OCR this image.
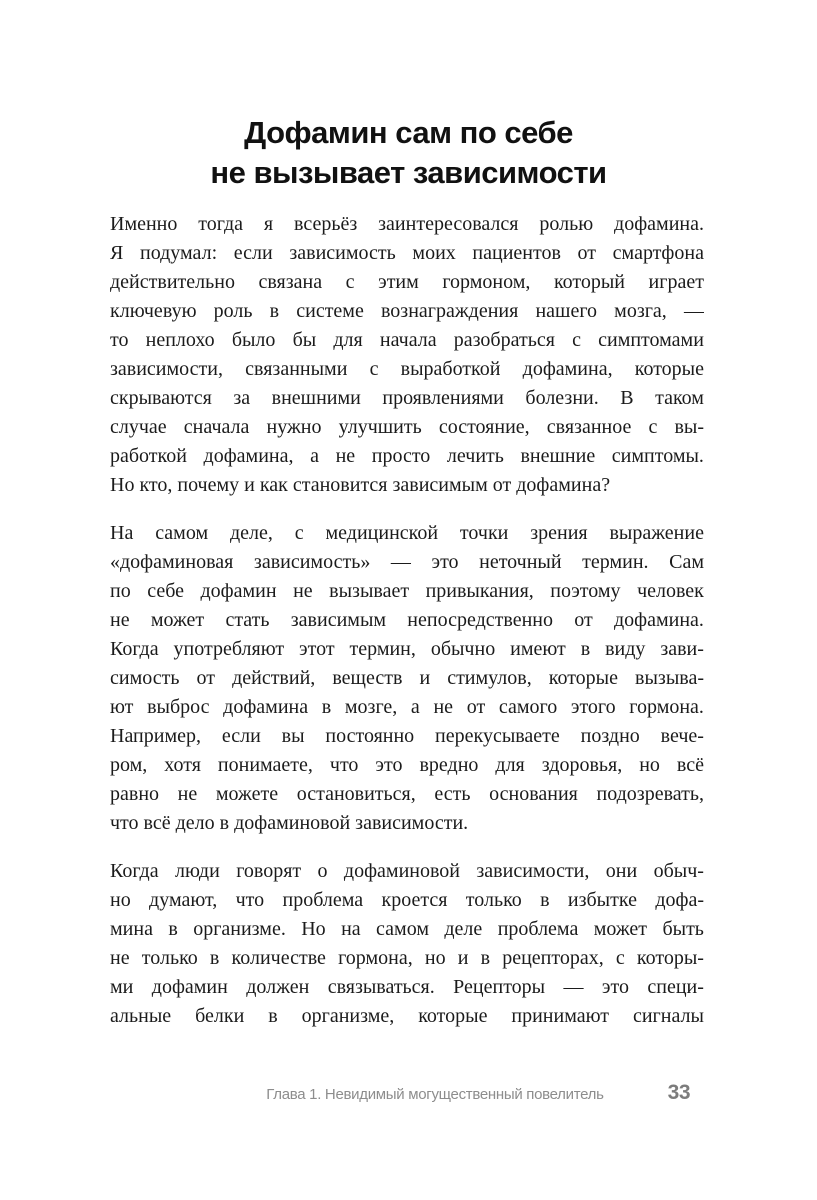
Дофамин сам по себе
не вызывает зависимости
Именно тогда я всерьёз заинтересовался ролью дофамина.
Я подумал: если зависимость моих пациентов от смартфона
действительно связана с этим гормоном, который играет
ключевую роль в системе вознаграждения нашего мозга, —
то неплохо было бы для начала разобраться с симптомами
зависимости, связанными с выработкой дофамина, которые
скрываются за внешними проявлениями болезни. В таком
случае сначала нужно улучшить состояние, связанное с вы-
работкой дофамина, а не просто лечить внешние симптомы.
Но кто, почему и как становится зависимым от дофамина?
На самом деле, с медицинской точки зрения выражение
«дофаминовая зависимость» — это неточный термин. Сам
по себе дофамин не вызывает привыкания, поэтому человек
не может стать зависимым непосредственно от дофамина.
Когда употребляют этот термин, обычно имеют в виду зави-
симость от действий, веществ и стимулов, которые вызыва-
ют выброс дофамина в мозге, а не от самого этого гормона.
Например, если вы постоянно перекусываете поздно вече-
ром, хотя понимаете, что это вредно для здоровья, но всё
равно не можете остановиться, есть основания подозревать,
что всё дело в дофаминовой зависимости.
Когда люди говорят о дофаминовой зависимости, они обыч-
но думают, что проблема кроется только в избытке дофа-
мина в организме. Но на самом деле проблема может быть
не только в количестве гормона, но и в рецепторах, с которы-
ми дофамин должен связываться. Рецепторы — это специ-
альные белки в организме, которые принимают сигналы
Глава 1. Невидимый могущественный повелитель	33
